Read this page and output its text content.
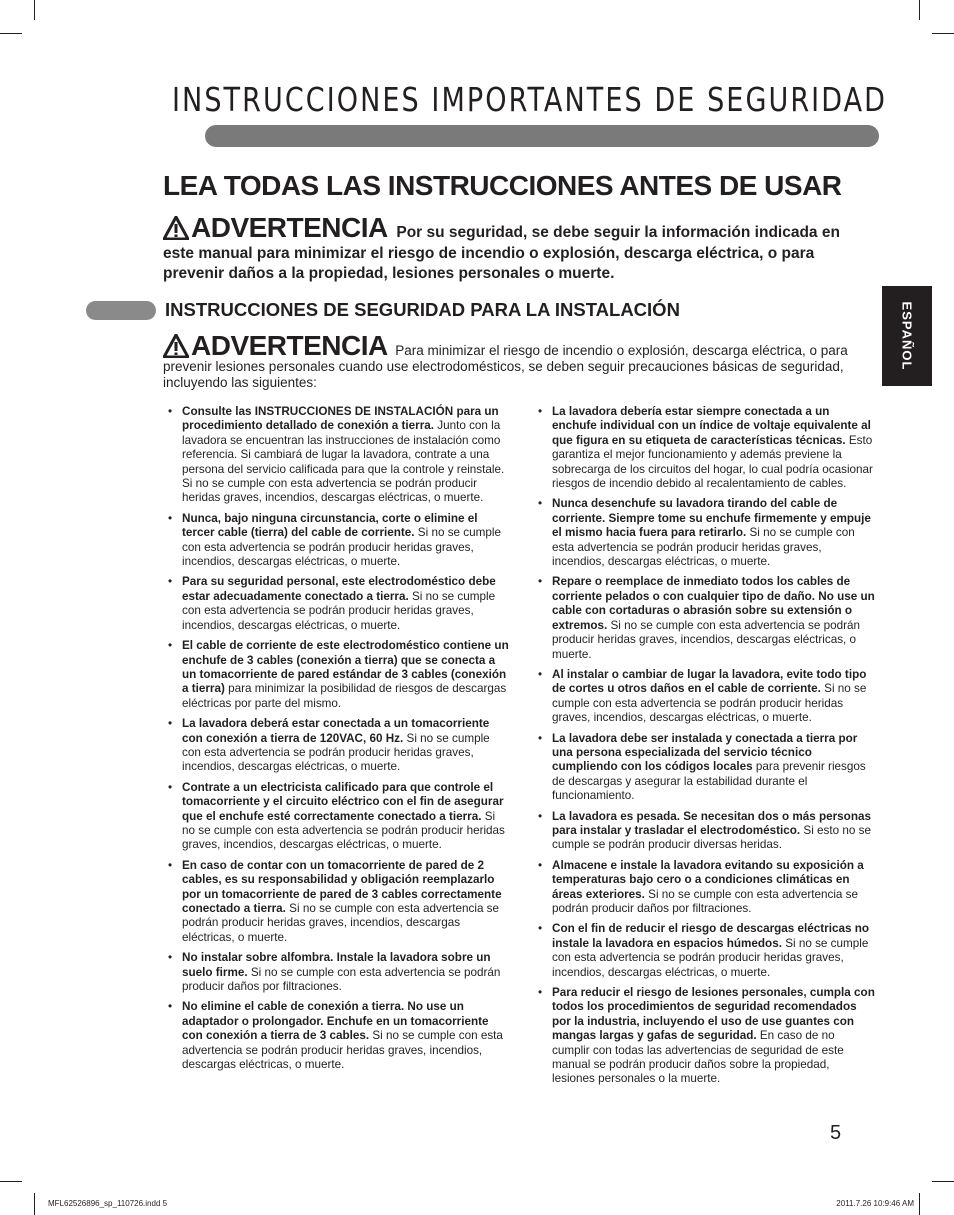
INSTRUCCIONES IMPORTANTES DE SEGURIDAD
LEA TODAS LAS INSTRUCCIONES ANTES DE USAR
ADVERTENCIA Por su seguridad, se debe seguir la información indicada en este manual para minimizar el riesgo de incendio o explosión, descarga eléctrica, o para prevenir daños a la propiedad, lesiones personales o muerte.
INSTRUCCIONES DE SEGURIDAD PARA LA INSTALACIÓN
ADVERTENCIA Para minimizar el riesgo de incendio o explosión, descarga eléctrica, o para prevenir lesiones personales cuando use electrodomésticos, se deben seguir precauciones básicas de seguridad, incluyendo las siguientes:
ESPAÑOL
• Consulte las INSTRUCCIONES DE INSTALACIÓN para un procedimiento detallado de conexión a tierra. Junto con la lavadora se encuentran las instrucciones de instalación como referencia. Si cambiará de lugar la lavadora, contrate a una persona del servicio calificada para que la controle y reinstale. Si no se cumple con esta advertencia se podrán producir heridas graves, incendios, descargas eléctricas, o muerte.
• Nunca, bajo ninguna circunstancia, corte o elimine el tercer cable (tierra) del cable de corriente. Si no se cumple con esta advertencia se podrán producir heridas graves, incendios, descargas eléctricas, o muerte.
• Para su seguridad personal, este electrodoméstico debe estar adecuadamente conectado a tierra. Si no se cumple con esta advertencia se podrán producir heridas graves, incendios, descargas eléctricas, o muerte.
• El cable de corriente de este electrodoméstico contiene un enchufe de 3 cables (conexión a tierra) que se conecta a un tomacorriente de pared estándar de 3 cables (conexión a tierra) para minimizar la posibilidad de riesgos de descargas eléctricas por parte del mismo.
• La lavadora deberá estar conectada a un tomacorriente con conexión a tierra de 120VAC, 60 Hz. Si no se cumple con esta advertencia se podrán producir heridas graves, incendios, descargas eléctricas, o muerte.
• Contrate a un electricista calificado para que controle el tomacorriente y el circuito eléctrico con el fin de asegurar que el enchufe esté correctamente conectado a tierra. Si no se cumple con esta advertencia se podrán producir heridas graves, incendios, descargas eléctricas, o muerte.
• En caso de contar con un tomacorriente de pared de 2 cables, es su responsabilidad y obligación reemplazarlo por un tomacorriente de pared de 3 cables correctamente conectado a tierra. Si no se cumple con esta advertencia se podrán producir heridas graves, incendios, descargas eléctricas, o muerte.
• No instalar sobre alfombra. Instale la lavadora sobre un suelo firme. Si no se cumple con esta advertencia se podrán producir daños por filtraciones.
• No elimine el cable de conexión a tierra. No use un adaptador o prolongador. Enchufe en un tomacorriente con conexión a tierra de 3 cables. Si no se cumple con esta advertencia se podrán producir heridas graves, incendios, descargas eléctricas, o muerte.
• La lavadora debería estar siempre conectada a un enchufe individual con un índice de voltaje equivalente al que figura en su etiqueta de características técnicas. Esto garantiza el mejor funcionamiento y además previene la sobrecarga de los circuitos del hogar, lo cual podría ocasionar riesgos de incendio debido al recalentamiento de cables.
• Nunca desenchufe su lavadora tirando del cable de corriente. Siempre tome su enchufe firmemente y empuje el mismo hacia fuera para retirarlo. Si no se cumple con esta advertencia se podrán producir heridas graves, incendios, descargas eléctricas, o muerte.
• Repare o reemplace de inmediato todos los cables de corriente pelados o con cualquier tipo de daño. No use un cable con cortaduras o abrasión sobre su extensión o extremos. Si no se cumple con esta advertencia se podrán producir heridas graves, incendios, descargas eléctricas, o muerte.
• Al instalar o cambiar de lugar la lavadora, evite todo tipo de cortes u otros daños en el cable de corriente. Si no se cumple con esta advertencia se podrán producir heridas graves, incendios, descargas eléctricas, o muerte.
• La lavadora debe ser instalada y conectada a tierra por una persona especializada del servicio técnico cumpliendo con los códigos locales para prevenir riesgos de descargas y asegurar la estabilidad durante el funcionamiento.
• La lavadora es pesada. Se necesitan dos o más personas para instalar y trasladar el electrodoméstico. Si esto no se cumple se podrán producir diversas heridas.
• Almacene e instale la lavadora evitando su exposición a temperaturas bajo cero o a condiciones climáticas en áreas exteriores. Si no se cumple con esta advertencia se podrán producir daños por filtraciones.
• Con el fin de reducir el riesgo de descargas eléctricas no instale la lavadora en espacios húmedos. Si no se cumple con esta advertencia se podrán producir heridas graves, incendios, descargas eléctricas, o muerte.
• Para reducir el riesgo de lesiones personales, cumpla con todos los procedimientos de seguridad recomendados por la industria, incluyendo el uso de use guantes con mangas largas y gafas de seguridad. En caso de no cumplir con todas las advertencias de seguridad de este manual se podrán producir daños sobre la propiedad, lesiones personales o la muerte.
5
MFL62526896_sp_110726.indd 5	2011.7.26 10:9:46 AM
